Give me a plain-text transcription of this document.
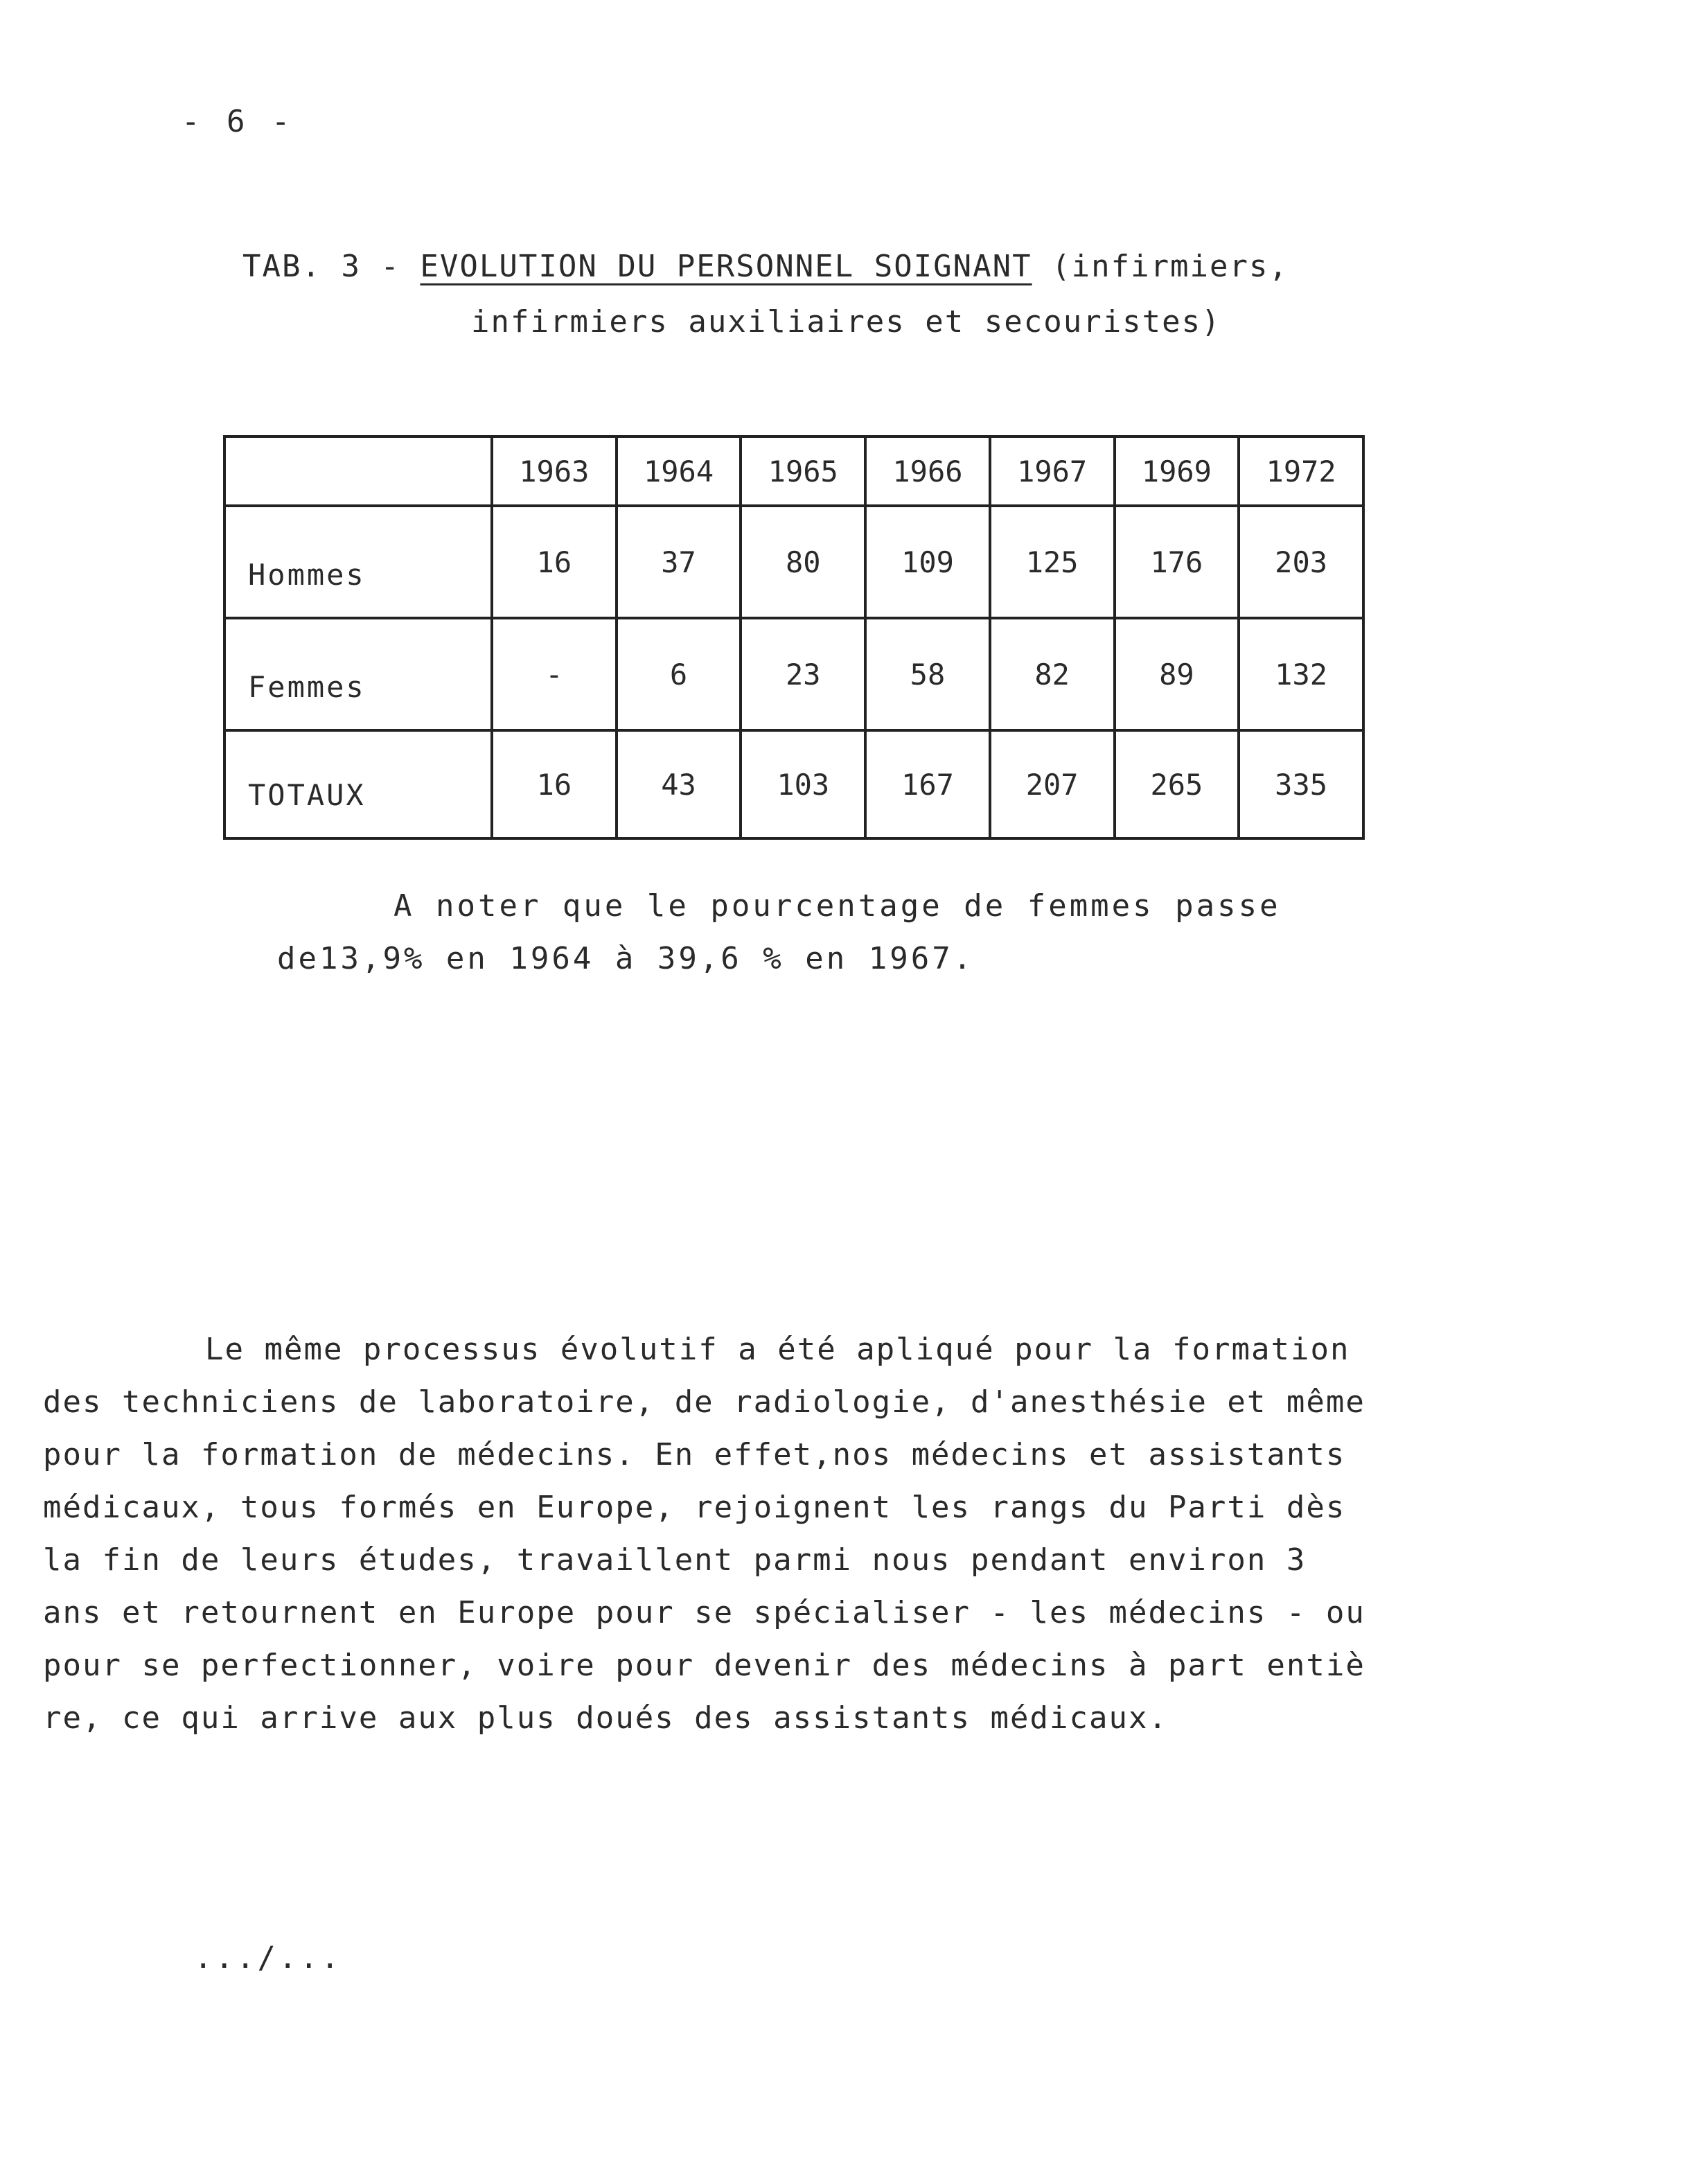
- 6 -
TAB. 3 - EVOLUTION DU PERSONNEL SOIGNANT (infirmiers,
infirmiers auxiliaires et secouristes)
	1963	1964	1965	1966	1967	1969	1972
Hommes	16	37	80	109	125	176	203
Femmes	-	6	23	58	82	89	132
TOTAUX	16	43	103	167	207	265	335
A noter que le pourcentage de femmes passe
de13,9% en 1964 à 39,6 % en 1967.
Le même processus évolutif a été apliqué pour la formation
des techniciens de laboratoire, de radiologie, d'anesthésie et même
pour la formation de médecins. En effet,nos médecins et assistants
médicaux, tous formés en Europe, rejoignent les rangs du Parti dès
la fin de leurs études, travaillent parmi nous pendant environ 3
ans et retournent en Europe pour se spécialiser - les médecins - ou
pour se perfectionner, voire pour devenir des médecins à part entiè
re, ce qui arrive aux plus doués des assistants médicaux.
.../...
